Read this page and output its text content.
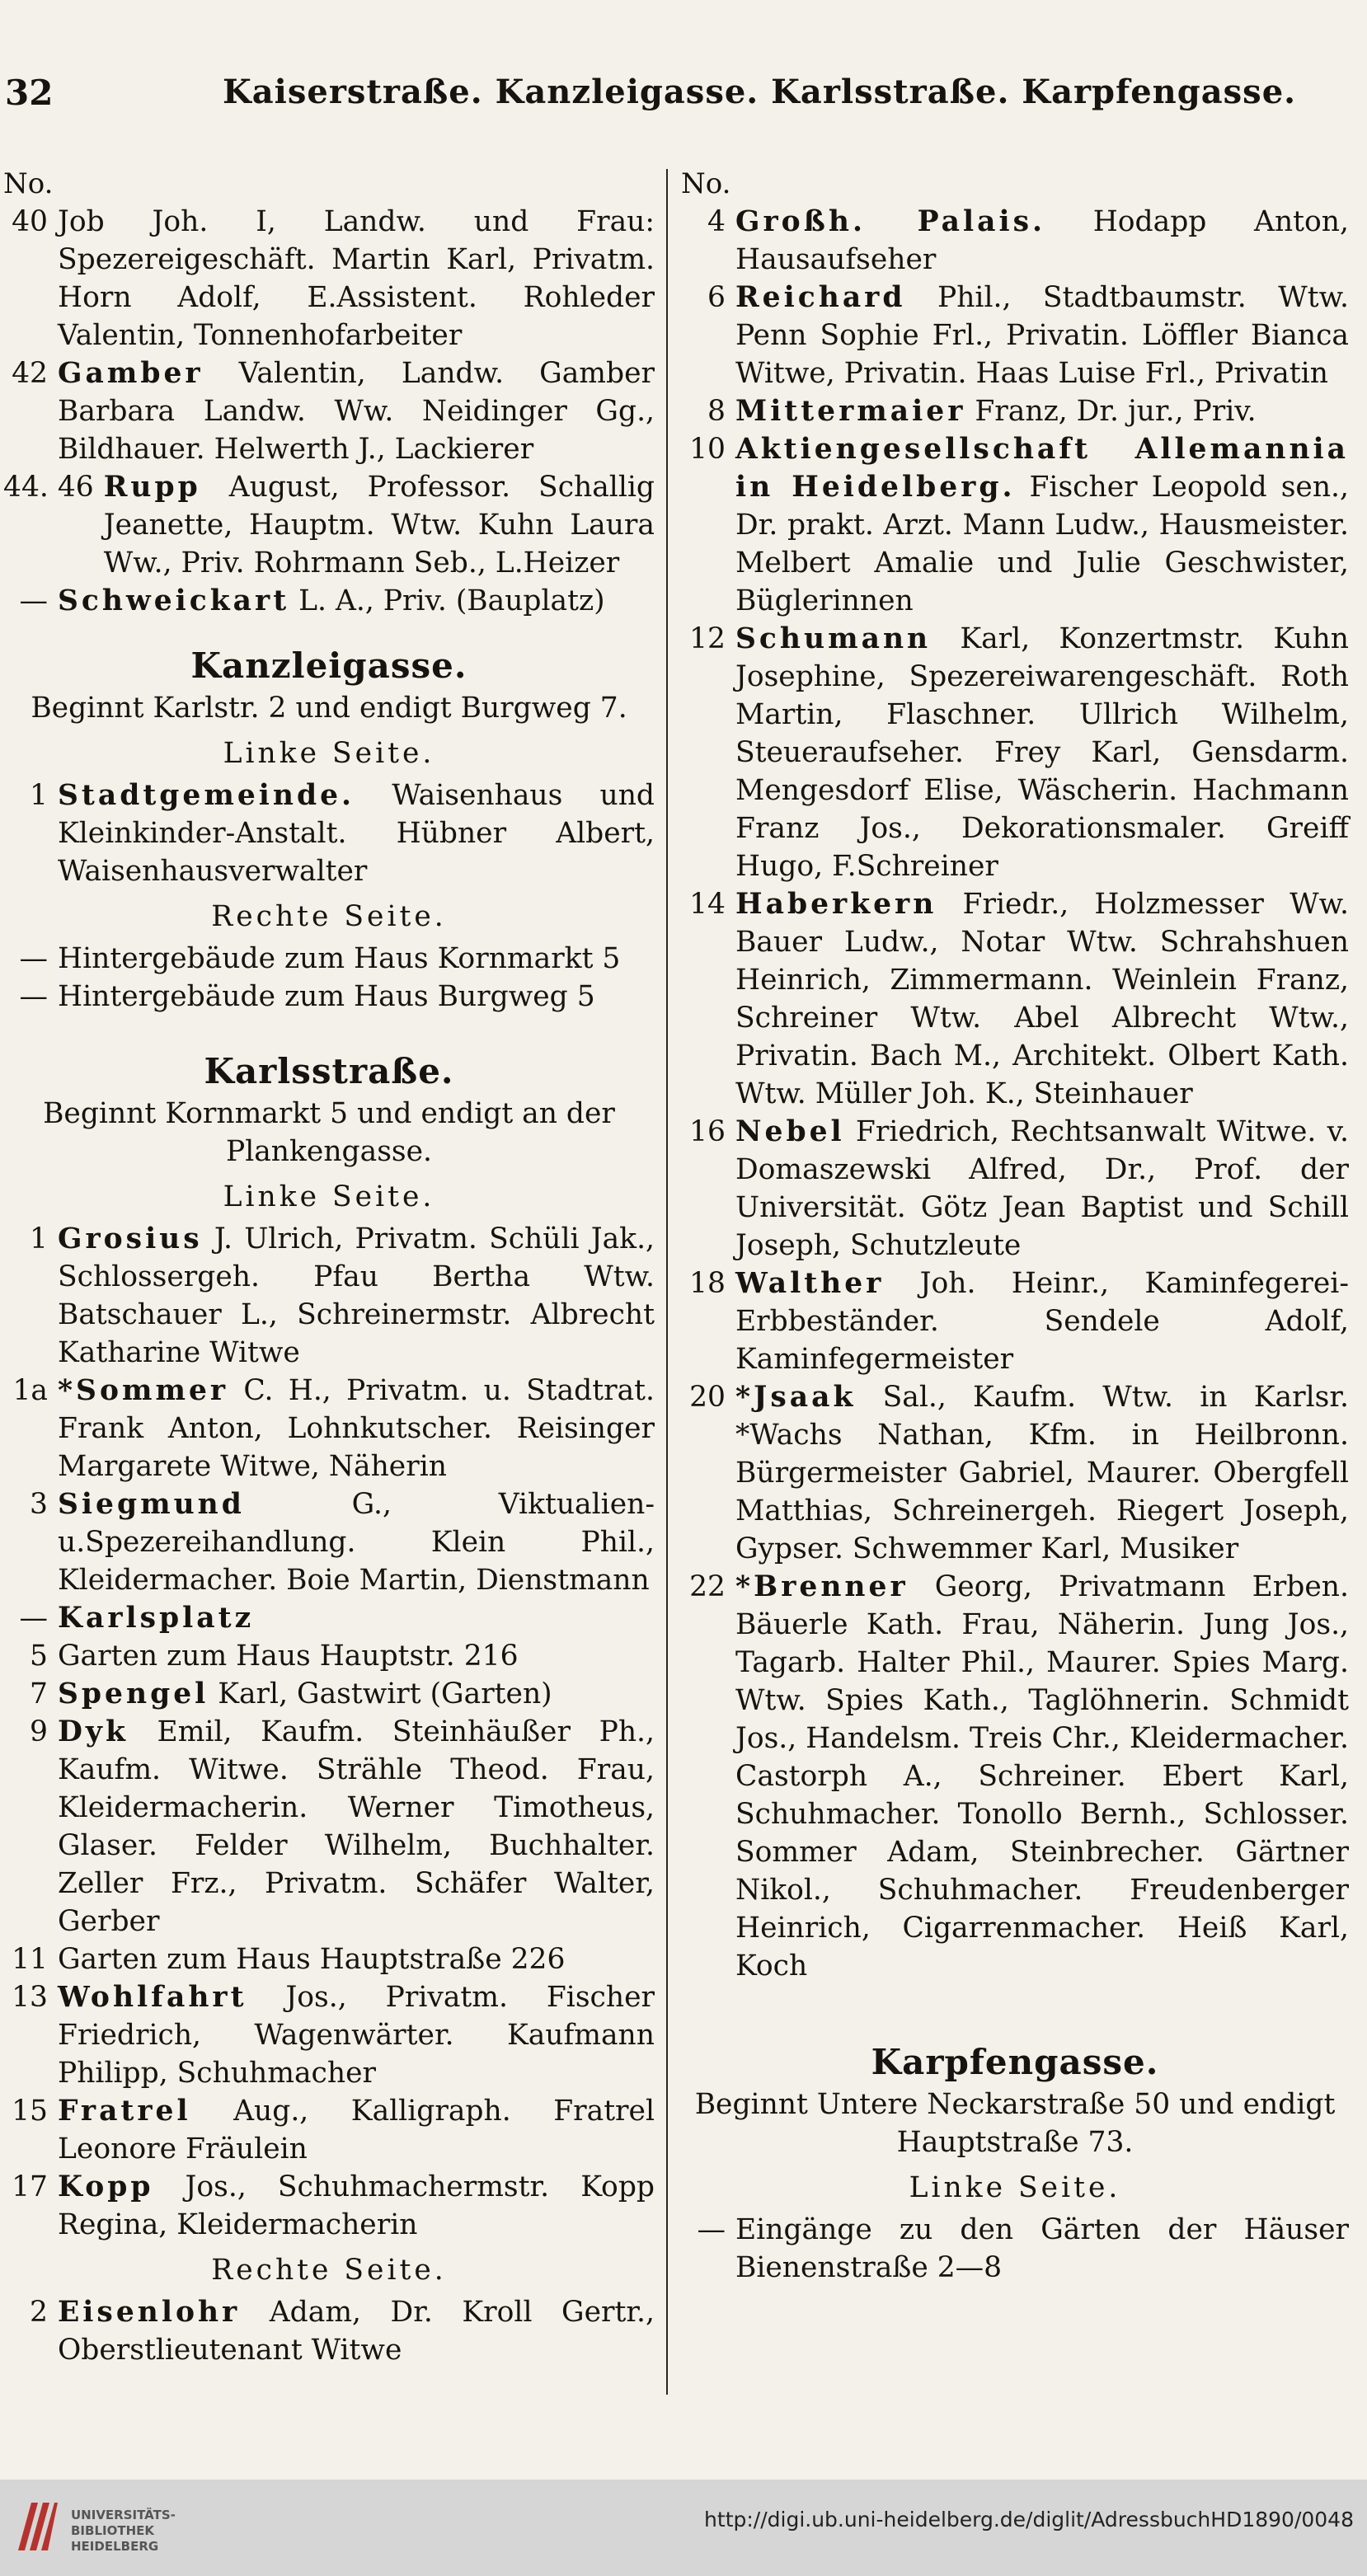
32	Kaiserstraße. Kanzleigasse. Karlsstraße. Karpfengasse.
No.
40 Job Joh. I, Landw. und Frau: Spezereigeschäft. Martin Karl, Privatm. Horn Adolf, E.Assistent. Rohleder Valentin, Tonnenhofarbeiter
42 Gamber Valentin, Landw. Gamber Barbara Landw. Ww. Neidinger Gg., Bildhauer. Helwerth J., Lackierer
44. 46 Rupp August, Professor. Schallig Jeanette, Hauptm. Wtw. Kuhn Laura Ww., Priv. Rohrmann Seb., L.Heizer
— Schweickart L. A., Priv. (Bauplatz)
Kanzleigasse.
Beginnt Karlstr. 2 und endigt Burgweg 7.
Linke Seite.
1 Stadtgemeinde. Waisenhaus und Kleinkinder-Anstalt. Hübner Albert, Waisenhausverwalter
Rechte Seite.
— Hintergebäude zum Haus Kornmarkt 5
— Hintergebäude zum Haus Burgweg 5
Karlsstraße.
Beginnt Kornmarkt 5 und endigt an der Plankengasse.
Linke Seite.
1 Grosius J. Ulrich, Privatm. Schüli Jak., Schlossergeh. Pfau Bertha Wtw. Batschauer L., Schreinermstr. Albrecht Katharine Witwe
1a *Sommer C. H., Privatm. u. Stadtrat. Frank Anton, Lohnkutscher. Reisinger Margarete Witwe, Näherin
3 Siegmund G., Viktualien- u.Spezereihandlung. Klein Phil., Kleidermacher. Boie Martin, Dienstmann
— Karlsplatz
5 Garten zum Haus Hauptstr. 216
7 Spengel Karl, Gastwirt (Garten)
9 Dyk Emil, Kaufm. Steinhäußer Ph., Kaufm. Witwe. Strähle Theod. Frau, Kleidermacherin. Werner Timotheus, Glaser. Felder Wilhelm, Buchhalter. Zeller Frz., Privatm. Schäfer Walter, Gerber
11 Garten zum Haus Hauptstraße 226
13 Wohlfahrt Jos., Privatm. Fischer Friedrich, Wagenwärter. Kaufmann Philipp, Schuhmacher
15 Fratrel Aug., Kalligraph. Fratrel Leonore Fräulein
17 Kopp Jos., Schuhmachermstr. Kopp Regina, Kleidermacherin
Rechte Seite.
2 Eisenlohr Adam, Dr. Kroll Gertr., Oberstlieutenant Witwe
No.
4 Großh. Palais. Hodapp Anton, Hausaufseher
6 Reichard Phil., Stadtbaumstr. Wtw. Penn Sophie Frl., Privatin. Löffler Bianca Witwe, Privatin. Haas Luise Frl., Privatin
8 Mittermaier Franz, Dr. jur., Priv.
10 Aktiengesellschaft Allemannia in Heidelberg. Fischer Leopold sen., Dr. prakt. Arzt. Mann Ludw., Hausmeister. Melbert Amalie und Julie Geschwister, Büglerinnen
12 Schumann Karl, Konzertmstr. Kuhn Josephine, Spezereiwarengeschäft. Roth Martin, Flaschner. Ullrich Wilhelm, Steueraufseher. Frey Karl, Gensdarm. Mengesdorf Elise, Wäscherin. Hachmann Franz Jos., Dekorationsmaler. Greiff Hugo, F.Schreiner
14 Haberkern Friedr., Holzmesser Ww. Bauer Ludw., Notar Wtw. Schrahshuen Heinrich, Zimmermann. Weinlein Franz, Schreiner Wtw. Abel Albrecht Wtw., Privatin. Bach M., Architekt. Olbert Kath. Wtw. Müller Joh. K., Steinhauer
16 Nebel Friedrich, Rechtsanwalt Witwe. v. Domaszewski Alfred, Dr., Prof. der Universität. Götz Jean Baptist und Schill Joseph, Schutzleute
18 Walther Joh. Heinr., Kaminfegerei-Erbbeständer. Sendele Adolf, Kaminfegermeister
20 *Jsaak Sal., Kaufm. Wtw. in Karlsr. *Wachs Nathan, Kfm. in Heilbronn. Bürgermeister Gabriel, Maurer. Obergfell Matthias, Schreinergeh. Riegert Joseph, Gypser. Schwemmer Karl, Musiker
22 *Brenner Georg, Privatmann Erben. Bäuerle Kath. Frau, Näherin. Jung Jos., Tagarb. Halter Phil., Maurer. Spies Marg. Wtw. Spies Kath., Taglöhnerin. Schmidt Jos., Handelsm. Treis Chr., Kleidermacher. Castorph A., Schreiner. Ebert Karl, Schuhmacher. Tonollo Bernh., Schlosser. Sommer Adam, Steinbrecher. Gärtner Nikol., Schuhmacher. Freudenberger Heinrich, Cigarrenmacher. Heiß Karl, Koch
Karpfengasse.
Beginnt Untere Neckarstraße 50 und endigt Hauptstraße 73.
Linke Seite.
— Eingänge zu den Gärten der Häuser Bienenstraße 2—8
UNIVERSITÄTS-
BIBLIOTHEK
HEIDELBERG
http://digi.ub.uni-heidelberg.de/diglit/AdressbuchHD1890/0048
